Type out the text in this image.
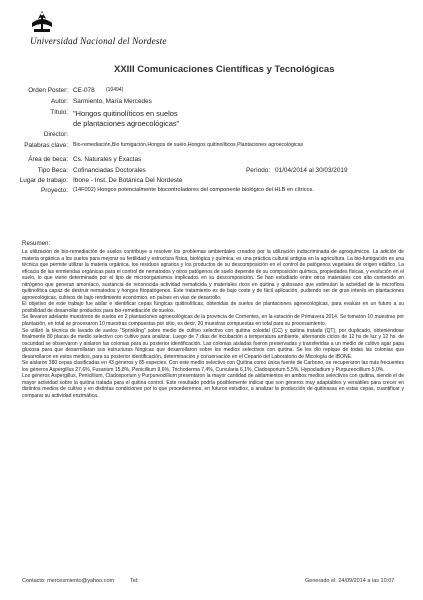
Universidad Nacional del Nordeste
XXIII Comunicaciones Científicas y Tecnológicas
Orden Poster: CE-078 (10494)
Autor: Sarmiento, María Mercedes
Título: "Hongos quitinolíticos en suelos
de plantaciones agroecológicas"
Director:
Palabras clave: Bio-remediación,Bio fumigación,Hongos de suelo,Hongos quitinolíticos,Plantaciones agroecológicas
Área de beca: Cs. Naturales y Exactas
Tipo Beca: Cofinanciadas Doctorales	Período: 01/04/2014 al 30/03/2019
Lugar de trabajo: Ibone - Inst. De Botánica Del Nordeste
Proyecto: (14F002) Hongos potencialmente biocontroladores del componente biológico del HLB en cítricos.
Resumen:

La utilización de bio-remediación de suelos contribuye a resolver los problemas ambientales creados por la utilización indiscriminada de agroquímicos. La adición de materia orgánica a los suelos para mejorar su fertilidad y estructura física, biológica y química, es una práctica cultural antigua en la agricultura. La bio-fumigación es una técnica que permite utilizar la materia orgánica, los residuos agrarios y los productos de su descomposición en el control de patógenos vegetales de origen edáfico. La eficacia de las enmiendas orgánicas para el control de nematodos y otros patógenos de suelo depende de su composición química, propiedades físicas, y evolución en el suelo, lo que viene determinado por el tipo de microorganismos implicados en su descomposición. Se han estudiado entre otros materiales con alto contenido en nitrógeno que generan amoníaco, sustancia de reconocida actividad nematicida y materiales ricos en quitina y quitosano que estimulan la actividad de la microflora quitinolítica capaz de destruir nematodos y hongos fitopatógenos. Este tratamiento es de bajo coste y de fácil aplicación, pudiendo ser de gran interés en plantaciones agroecológicas, cultivos de bajo rendimiento económico, en países en vías de desarrollo.

El objetivo de este trabajo fue aislar e identificar cepas fúngicas quitinolíticas, obtenidas de suelos de plantaciones agroecológicas, para evaluar en un futuro a su posibilidad de desarrollar productos para bio-remediación de suelos.

Se llevaron adelante muestreos de suelos en 2 plantaciones agroecológicas de la provincia de Corrientes, en la estación de Primavera 2014. Se tomaron 10 muestras por plantación, en total se procesaron 10 muestras compuestas por sitio, es decir, 20 muestras compuestas en total para su procesamiento.

Se utilizó la técnica de lavado de suelos "Sprinkling" sobre medio de cultivo selectivo con quitina coloidal (CC) y quitina tratada (QT), por duplicado, obteniéndose finalmente 80 placas de medio selectivo con cultivo para analizar. Luego de 7 días de incubación a temperatura ambiente, alternando ciclos de 12 hs de luz y 12 hs. de oscuridad se observaron y aislaron las colonias para su posterior identificación. Las colonias aisladas fueron preservadas y transferidas a un medio de cultivo agar papa glucosa para que desarrollaran sus estructuras fúngicas que desarrollaron sobre los medios selectivos con quitina. Se les dio repique de todas las colonias que desarrollaron en estos medios, para su posterior identificación, determinación y conservación en el Cepario del Laboratorio de Micología de IBONE.

Se aislaron 380 cepas clasificadas en 43 géneros y 85 especies. Con este medio selectivo con Quitina como única fuente de Carbono, se recuperaron las más frecuentes los géneros Aspergillus 27,6%, Fusarium 15,8%, Penicillium 9,6%, Trichoderma 7,4%, Curvularia 6,1%, Cladosporium 5,5%, Hypocladium y Purpureocillium 5,0%.

Los géneros Aspergillus, Penicillium, Cladosporium y Purpureocillium presentaron la mayor cantidad de aislamientos en ambos medios selectivos con quitina, siendo el de mayor actividad sobre la quitina tratada para el quitina control. Este resultado podría posiblemente indicar que son géneros muy adaptables y versátiles para crecer en distintos medios de cultivo y en distintas condiciones por lo que procederemos, en futuros estudios, a analizar la producción de quitinasas en estas cepas, cuantificar y comparar su actividad enzimática.

Contacto: mercesmiento@yahoo.com	Tel:	Generado el: 24/09/2014 a las 10:07
